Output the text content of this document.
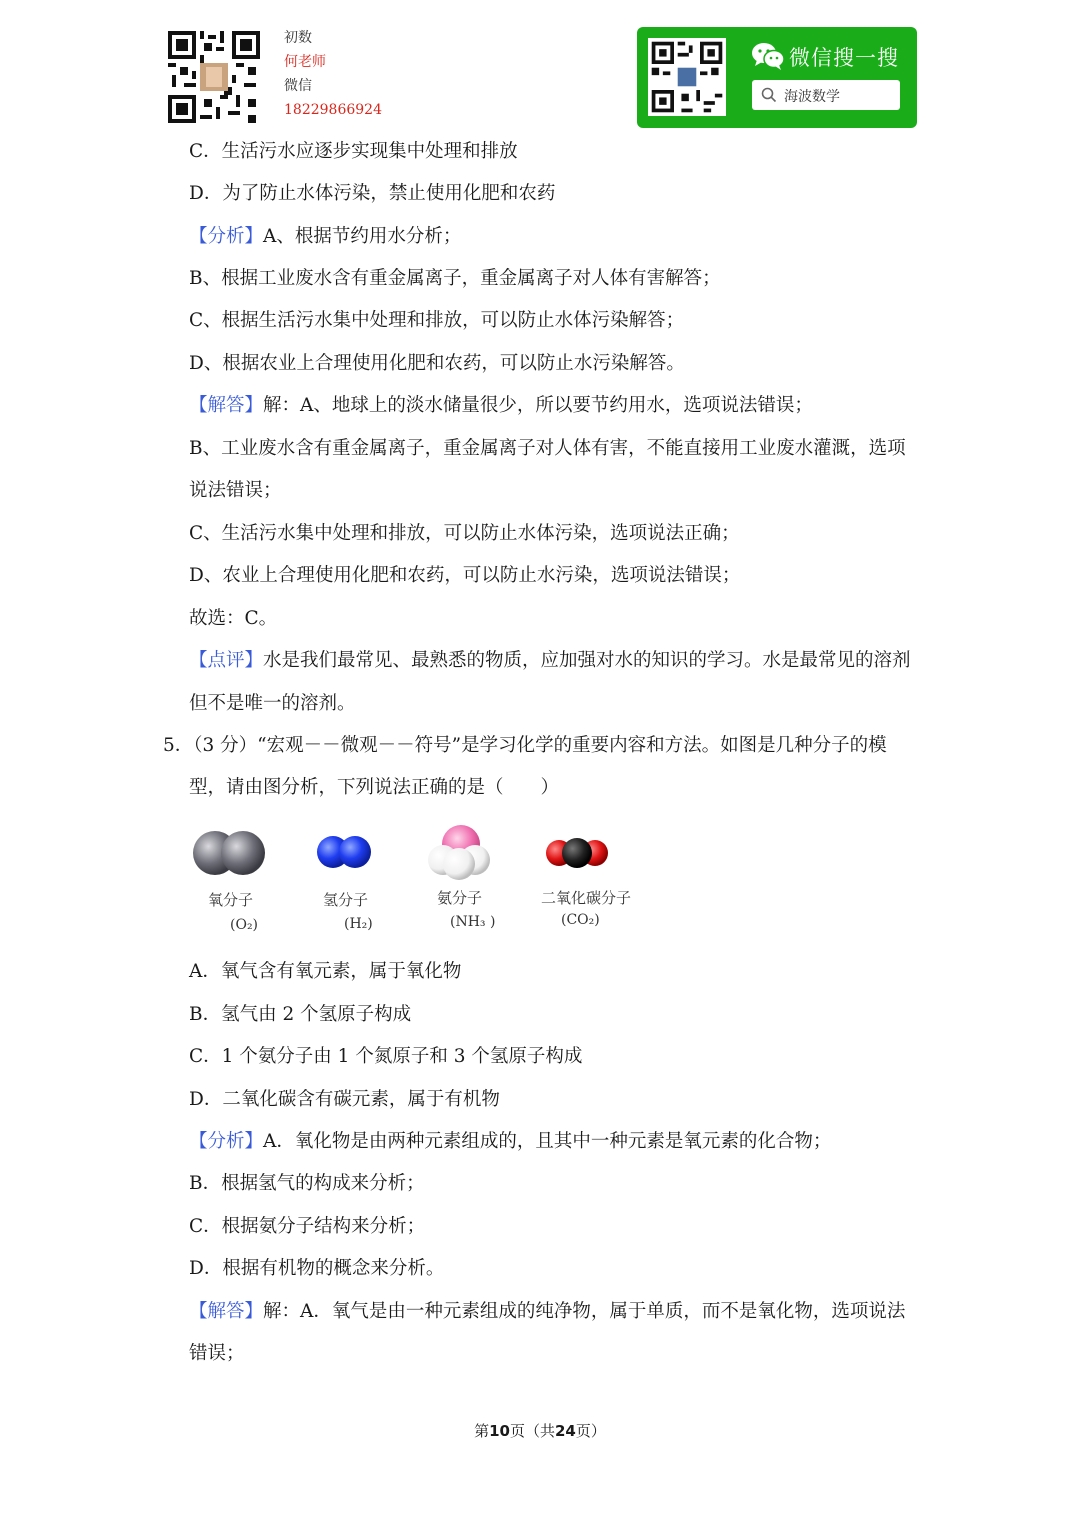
初数
何老师
微信
18229866924
微信搜一搜
海波数学
C．生活污水应逐步实现集中处理和排放
D．为了防止水体污染，禁止使用化肥和农药
【分析】A、根据节约用水分析；
B、根据工业废水含有重金属离子，重金属离子对人体有害解答；
C、根据生活污水集中处理和排放，可以防止水体污染解答；
D、根据农业上合理使用化肥和农药，可以防止水污染解答。
【解答】解：A、地球上的淡水储量很少，所以要节约用水，选项说法错误；
B、工业废水含有重金属离子，重金属离子对人体有害，不能直接用工业废水灌溉，选项
说法错误；
C、生活污水集中处理和排放，可以防止水体污染，选项说法正确；
D、农业上合理使用化肥和农药，可以防止水污染，选项说法错误；
故选：C。
【点评】水是我们最常见、最熟悉的物质，应加强对水的知识的学习。水是最常见的溶剂
但不是唯一的溶剂。
5．（3 分）“宏观－－微观－－符号”是学习化学的重要内容和方法。如图是几种分子的模
型，请由图分析，下列说法正确的是（　　）
氧分子
(O₂)
氢分子
(H₂)
氨分子
(NH₃ )
二氧化碳分子
(CO₂)
A．氧气含有氧元素，属于氧化物
B．氢气由 2 个氢原子构成
C．1 个氨分子由 1 个氮原子和 3 个氢原子构成
D．二氧化碳含有碳元素，属于有机物
【分析】A．氧化物是由两种元素组成的，且其中一种元素是氧元素的化合物；
B．根据氢气的构成来分析；
C．根据氨分子结构来分析；
D．根据有机物的概念来分析。
【解答】解：A．氧气是由一种元素组成的纯净物，属于单质，而不是氧化物，选项说法
错误；
第10页（共24页）
